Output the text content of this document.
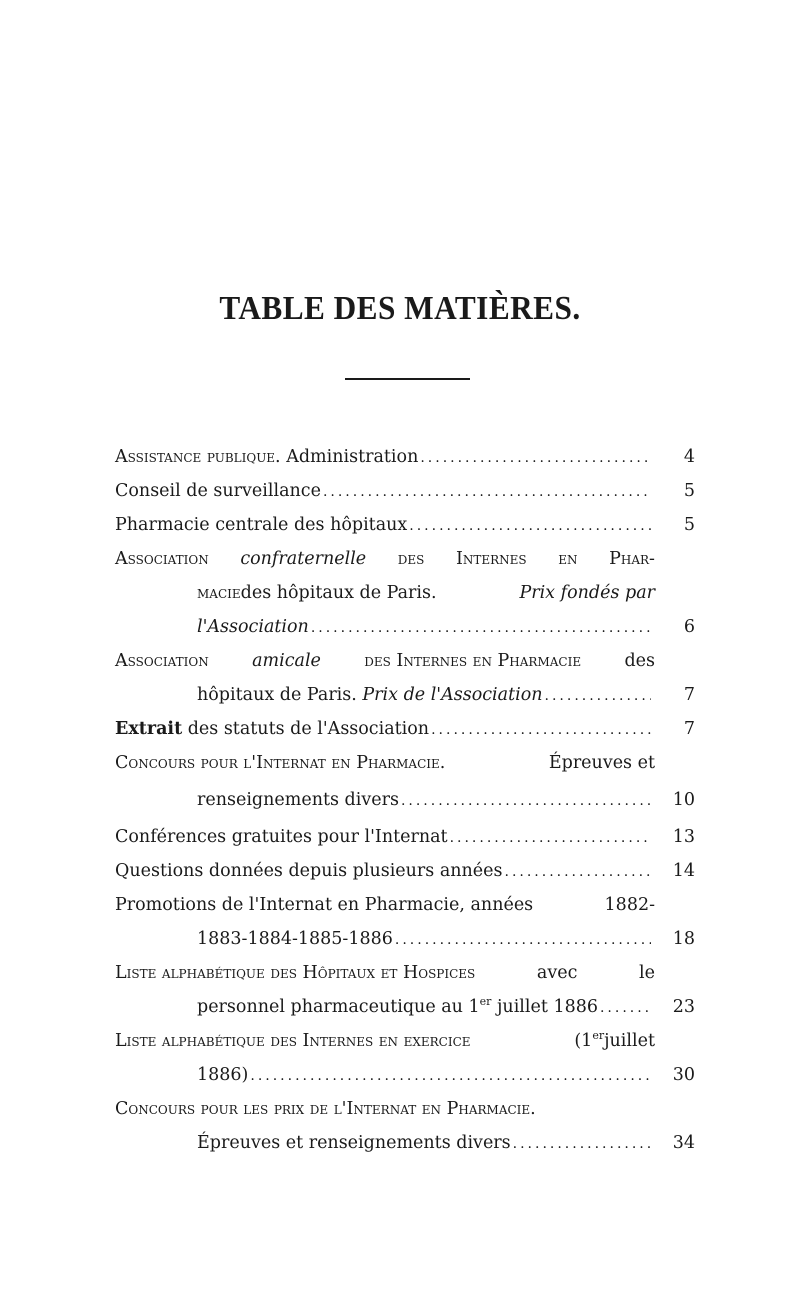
TABLE DES MATIÈRES.
Assistance publique. Administration .....	4
Conseil de surveillance .....	5
Pharmacie centrale des hôpitaux .....	5
Association confraternelle des Internes en Phar-
maciedes hôpitaux de Paris.	Prix fondés par
l'Association .....	6
Association amicale des Internes en Pharmacie des
hôpitaux de Paris. Prix de l'Association .....	7
Extrait des statuts de l'Association .....	7
Concours pour l'Internat en Pharmacie.	Épreuves et
renseignements divers .....	10
Conférences gratuites pour l'Internat .....	13
Questions données depuis plusieurs années .....	14
Promotions de l'Internat en Pharmacie, années	1882-
1883-1884-1885-1886 .....	18
Liste alphabétique des Hôpitaux et Hospices	avec	le
personnel pharmaceutique au 1er juillet 1886 .....	23
Liste alphabétique des Internes en exercice	(1erjuillet
1886) .....	30
Concours pour les prix de l'Internat en Pharmacie.
Épreuves et renseignements divers .....	34
